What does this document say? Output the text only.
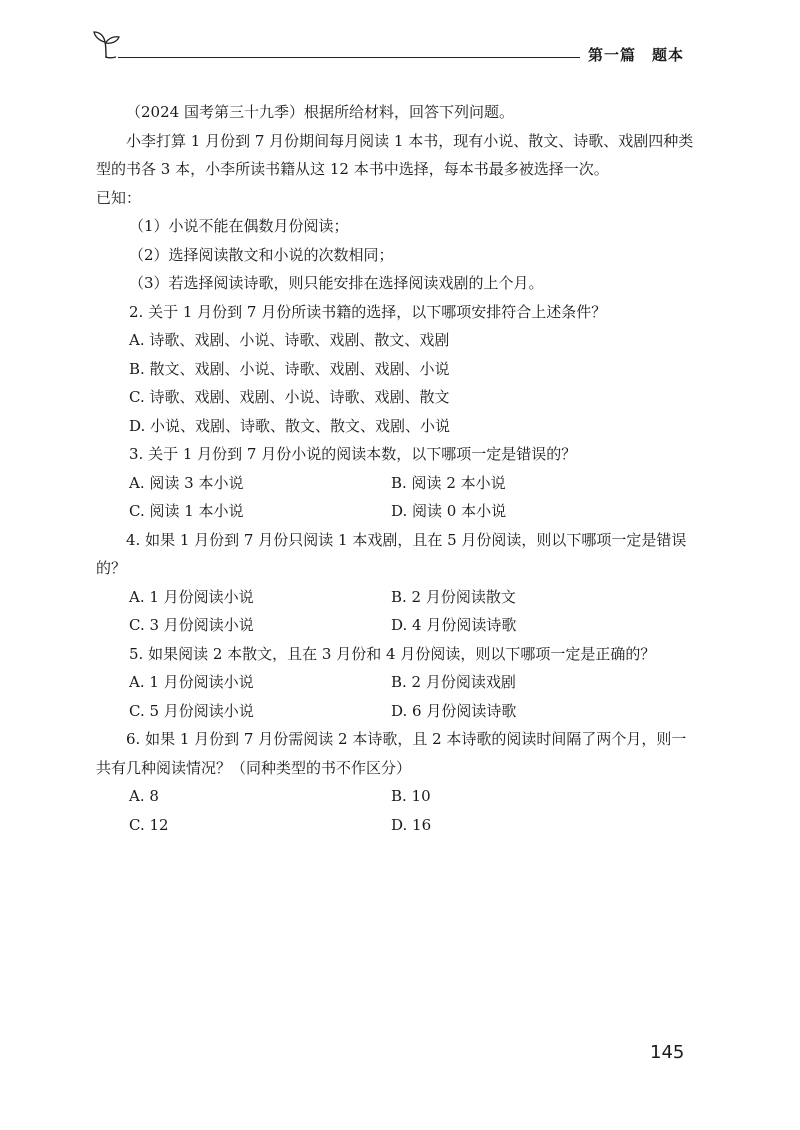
第一篇　题本

（2024 国考第三十九季）根据所给材料，回答下列问题。

小李打算 1 月份到 7 月份期间每月阅读 1 本书，现有小说、散文、诗歌、戏剧四种类型的书各 3 本，小李所读书籍从这 12 本书中选择，每本书最多被选择一次。

已知：

（1）小说不能在偶数月份阅读；

（2）选择阅读散文和小说的次数相同；

（3）若选择阅读诗歌，则只能安排在选择阅读戏剧的上个月。

2. 关于 1 月份到 7 月份所读书籍的选择，以下哪项安排符合上述条件？

A. 诗歌、戏剧、小说、诗歌、戏剧、散文、戏剧

B. 散文、戏剧、小说、诗歌、戏剧、戏剧、小说

C. 诗歌、戏剧、戏剧、小说、诗歌、戏剧、散文

D. 小说、戏剧、诗歌、散文、散文、戏剧、小说

3. 关于 1 月份到 7 月份小说的阅读本数，以下哪项一定是错误的？

A. 阅读 3 本小说	B. 阅读 2 本小说
C. 阅读 1 本小说	D. 阅读 0 本小说

4. 如果 1 月份到 7 月份只阅读 1 本戏剧，且在 5 月份阅读，则以下哪项一定是错误的？

A. 1 月份阅读小说	B. 2 月份阅读散文
C. 3 月份阅读小说	D. 4 月份阅读诗歌

5. 如果阅读 2 本散文，且在 3 月份和 4 月份阅读，则以下哪项一定是正确的？

A. 1 月份阅读小说	B. 2 月份阅读戏剧
C. 5 月份阅读小说	D. 6 月份阅读诗歌

6. 如果 1 月份到 7 月份需阅读 2 本诗歌，且 2 本诗歌的阅读时间隔了两个月，则一共有几种阅读情况？（同种类型的书不作区分）

A. 8	B. 10
C. 12	D. 16
145
